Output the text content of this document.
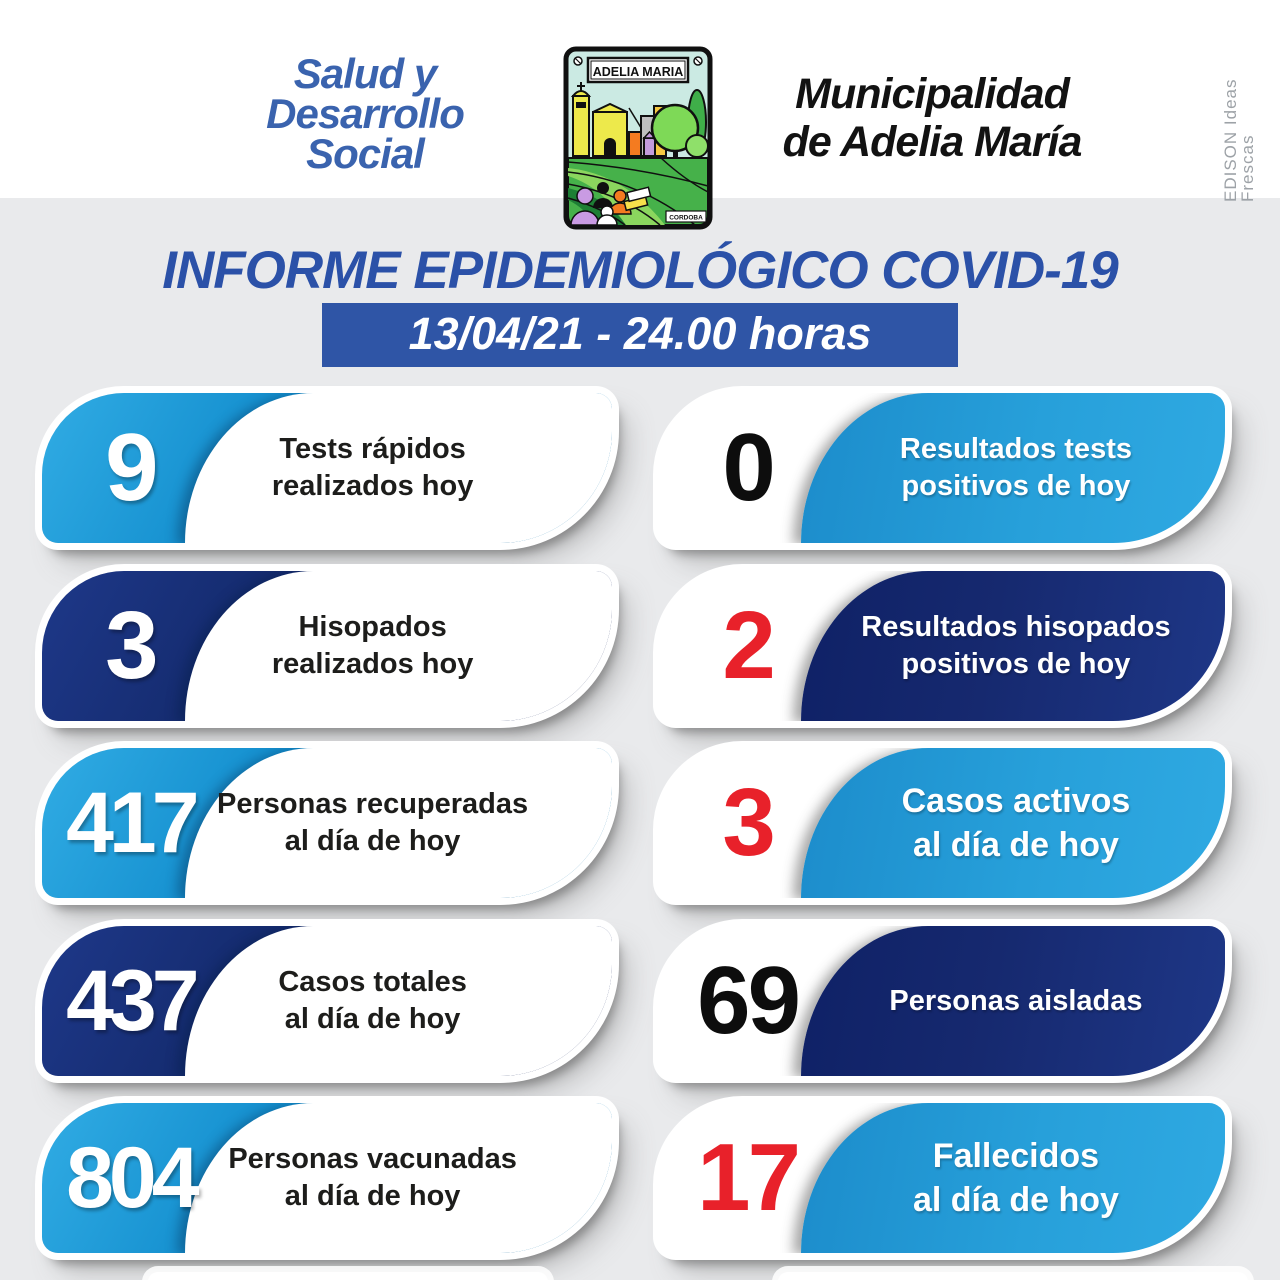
Salud y
Desarrollo
Social
ADELIA MARIA
CORDOBA
Municipalidad
de Adelia María	EDISON Ideas Frescas
INFORME EPIDEMIOLÓGICO COVID-19
13/04/21 - 24.00 horas
9	Tests rápidos
realizados hoy	0	Resultados tests
positivos de hoy
3	Hisopados
realizados hoy	2	Resultados hisopados
positivos de hoy
417 Personas recuperadas
al día de hoy	3	Casos activos
al día de hoy
437	Casos totales
al día de hoy	69	Personas aisladas
804	Personas vacunadas
al día de hoy	17	Fallecidos
al día de hoy
